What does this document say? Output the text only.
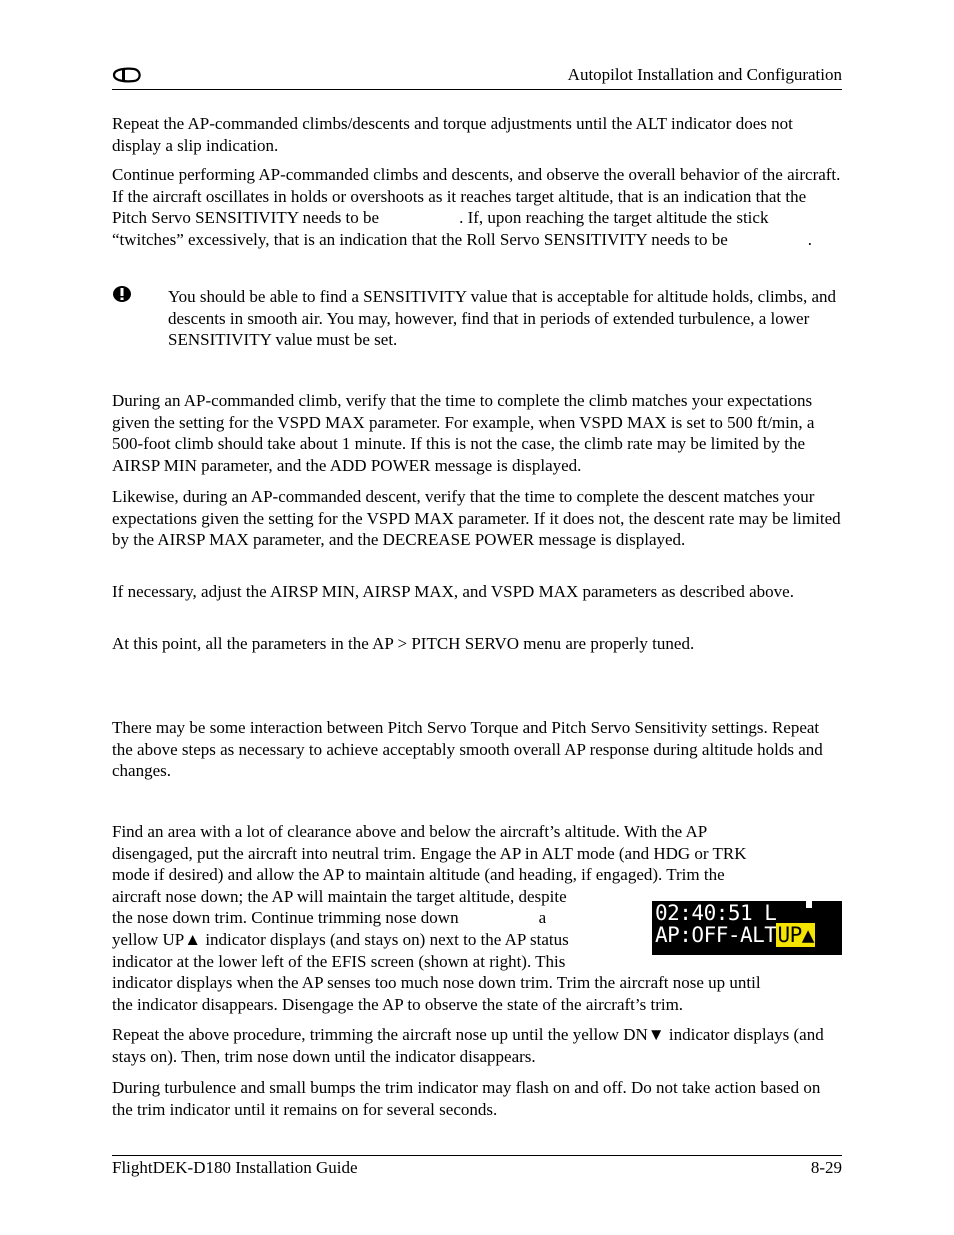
Autopilot Installation and Configuration

Repeat the AP-commanded climbs/descents and torque adjustments until the ALT indicator does not display a slip indication.

Continue performing AP-commanded climbs and descents, and observe the overall behavior of the aircraft. If the aircraft oscillates in holds or overshoots as it reaches target altitude, that is an indication that the Pitch Servo SENSITIVITY needs to be	. If, upon reaching the target altitude the stick “twitches” excessively, that is an indication that the Roll Servo SENSITIVITY needs to be	.

You should be able to find a SENSITIVITY value that is acceptable for altitude holds, climbs, and descents in smooth air. You may, however, find that in periods of extended turbulence, a lower SENSITIVITY value must be set.

During an AP-commanded climb, verify that the time to complete the climb matches your expectations given the setting for the VSPD MAX parameter. For example, when VSPD MAX is set to 500 ft/min, a 500-foot climb should take about 1 minute. If this is not the case, the climb rate may be limited by the AIRSP MIN parameter, and the ADD POWER message is displayed.

Likewise, during an AP-commanded descent, verify that the time to complete the descent matches your expectations given the setting for the VSPD MAX parameter. If it does not, the descent rate may be limited by the AIRSP MAX parameter, and the DECREASE POWER message is displayed.

If necessary, adjust the AIRSP MIN, AIRSP MAX, and VSPD MAX parameters as described above.

At this point, all the parameters in the AP > PITCH SERVO menu are properly tuned.

There may be some interaction between Pitch Servo Torque and Pitch Servo Sensitivity settings. Repeat the above steps as necessary to achieve acceptably smooth overall AP response during altitude holds and changes.

Find an area with a lot of clearance above and below the aircraft’s altitude. With the AP
disengaged, put the aircraft into neutral trim. Engage the AP in ALT mode (and HDG or TRK
mode if desired) and allow the AP to maintain altitude (and heading, if engaged). Trim the
aircraft nose down; the AP will maintain the target altitude, despite
the nose down trim. Continue trimming nose down	a
yellow UP▲ indicator displays (and stays on) next to the AP status
indicator at the lower left of the EFIS screen (shown at right). This
indicator displays when the AP senses too much nose down trim. Trim the aircraft nose up until
the indicator disappears. Disengage the AP to observe the state of the aircraft’s trim.
02:40:51 L
AP:OFF-ALTUP▲

Repeat the above procedure, trimming the aircraft nose up until the yellow DN▼ indicator displays (and stays on). Then, trim nose down until the indicator disappears.

During turbulence and small bumps the trim indicator may flash on and off. Do not take action based on the trim indicator until it remains on for several seconds.

FlightDEK-D180 Installation Guide	8-29
